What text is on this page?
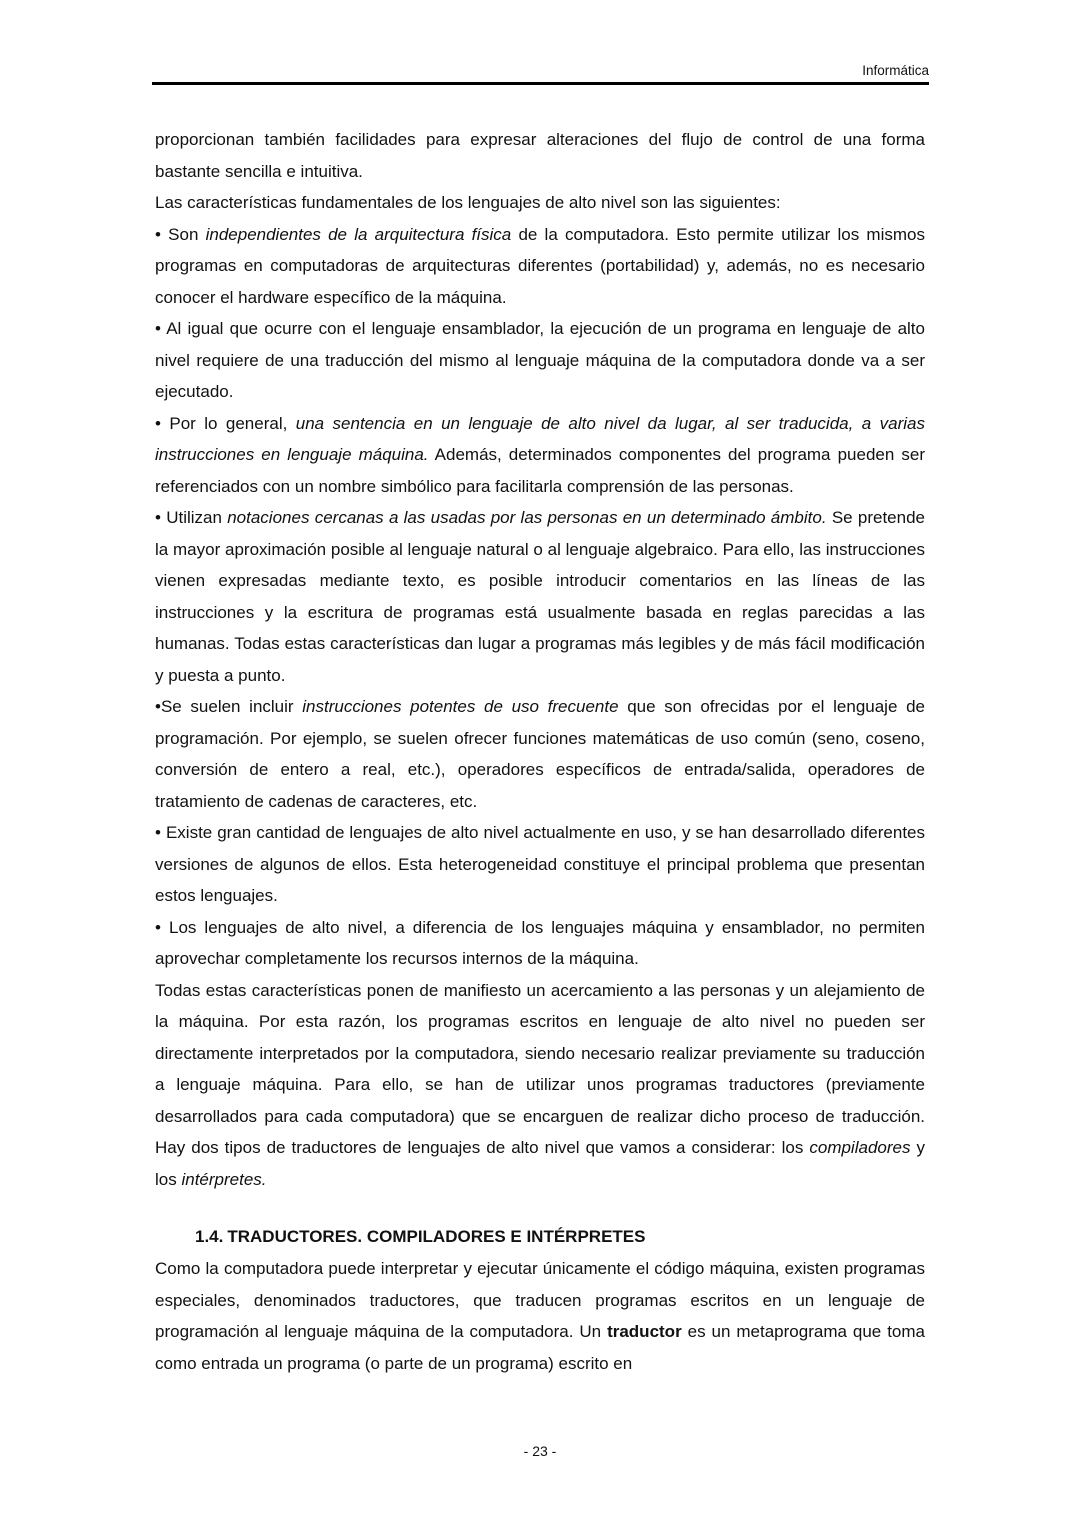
Informática

proporcionan también facilidades para expresar alteraciones del flujo de control de una forma bastante sencilla e intuitiva.

Las características fundamentales de los lenguajes de alto nivel son las siguientes:

• Son independientes de la arquitectura física de la computadora. Esto permite utilizar los mismos programas en computadoras de arquitecturas diferentes (portabilidad) y, además, no es necesario conocer el hardware específico de la máquina.

• Al igual que ocurre con el lenguaje ensamblador, la ejecución de un programa en lenguaje de alto nivel requiere de una traducción del mismo al lenguaje máquina de la computadora donde va a ser ejecutado.

• Por lo general, una sentencia en un lenguaje de alto nivel da lugar, al ser traducida, a varias instrucciones en lenguaje máquina. Además, determinados componentes del programa pueden ser referenciados con un nombre simbólico para facilitarla comprensión de las personas.

• Utilizan notaciones cercanas a las usadas por las personas en un determinado ámbito. Se pretende la mayor aproximación posible al lenguaje natural o al lenguaje algebraico. Para ello, las instrucciones vienen expresadas mediante texto, es posible introducir comentarios en las líneas de las instrucciones y la escritura de programas está usualmente basada en reglas parecidas a las humanas. Todas estas características dan lugar a programas más legibles y de más fácil modificación y puesta a punto.

•Se suelen incluir instrucciones potentes de uso frecuente que son ofrecidas por el lenguaje de programación. Por ejemplo, se suelen ofrecer funciones matemáticas de uso común (seno, coseno, conversión de entero a real, etc.), operadores específicos de entrada/salida, operadores de tratamiento de cadenas de caracteres, etc.

• Existe gran cantidad de lenguajes de alto nivel actualmente en uso, y se han desarrollado diferentes versiones de algunos de ellos. Esta heterogeneidad constituye el principal problema que presentan estos lenguajes.

• Los lenguajes de alto nivel, a diferencia de los lenguajes máquina y ensamblador, no permiten aprovechar completamente los recursos internos de la máquina.

Todas estas características ponen de manifiesto un acercamiento a las personas y un alejamiento de la máquina. Por esta razón, los programas escritos en lenguaje de alto nivel no pueden ser directamente interpretados por la computadora, siendo necesario realizar previamente su traducción a lenguaje máquina. Para ello, se han de utilizar unos programas traductores (previamente desarrollados para cada computadora) que se encarguen de realizar dicho proceso de traducción. Hay dos tipos de traductores de lenguajes de alto nivel que vamos a considerar: los compiladores y los intérpretes.

1.4. TRADUCTORES. COMPILADORES E INTÉRPRETES

Como la computadora puede interpretar y ejecutar únicamente el código máquina, existen programas especiales, denominados traductores, que traducen programas escritos en un lenguaje de programación al lenguaje máquina de la computadora. Un traductor es un metaprograma que toma como entrada un programa (o parte de un programa) escrito en

- 23 -
